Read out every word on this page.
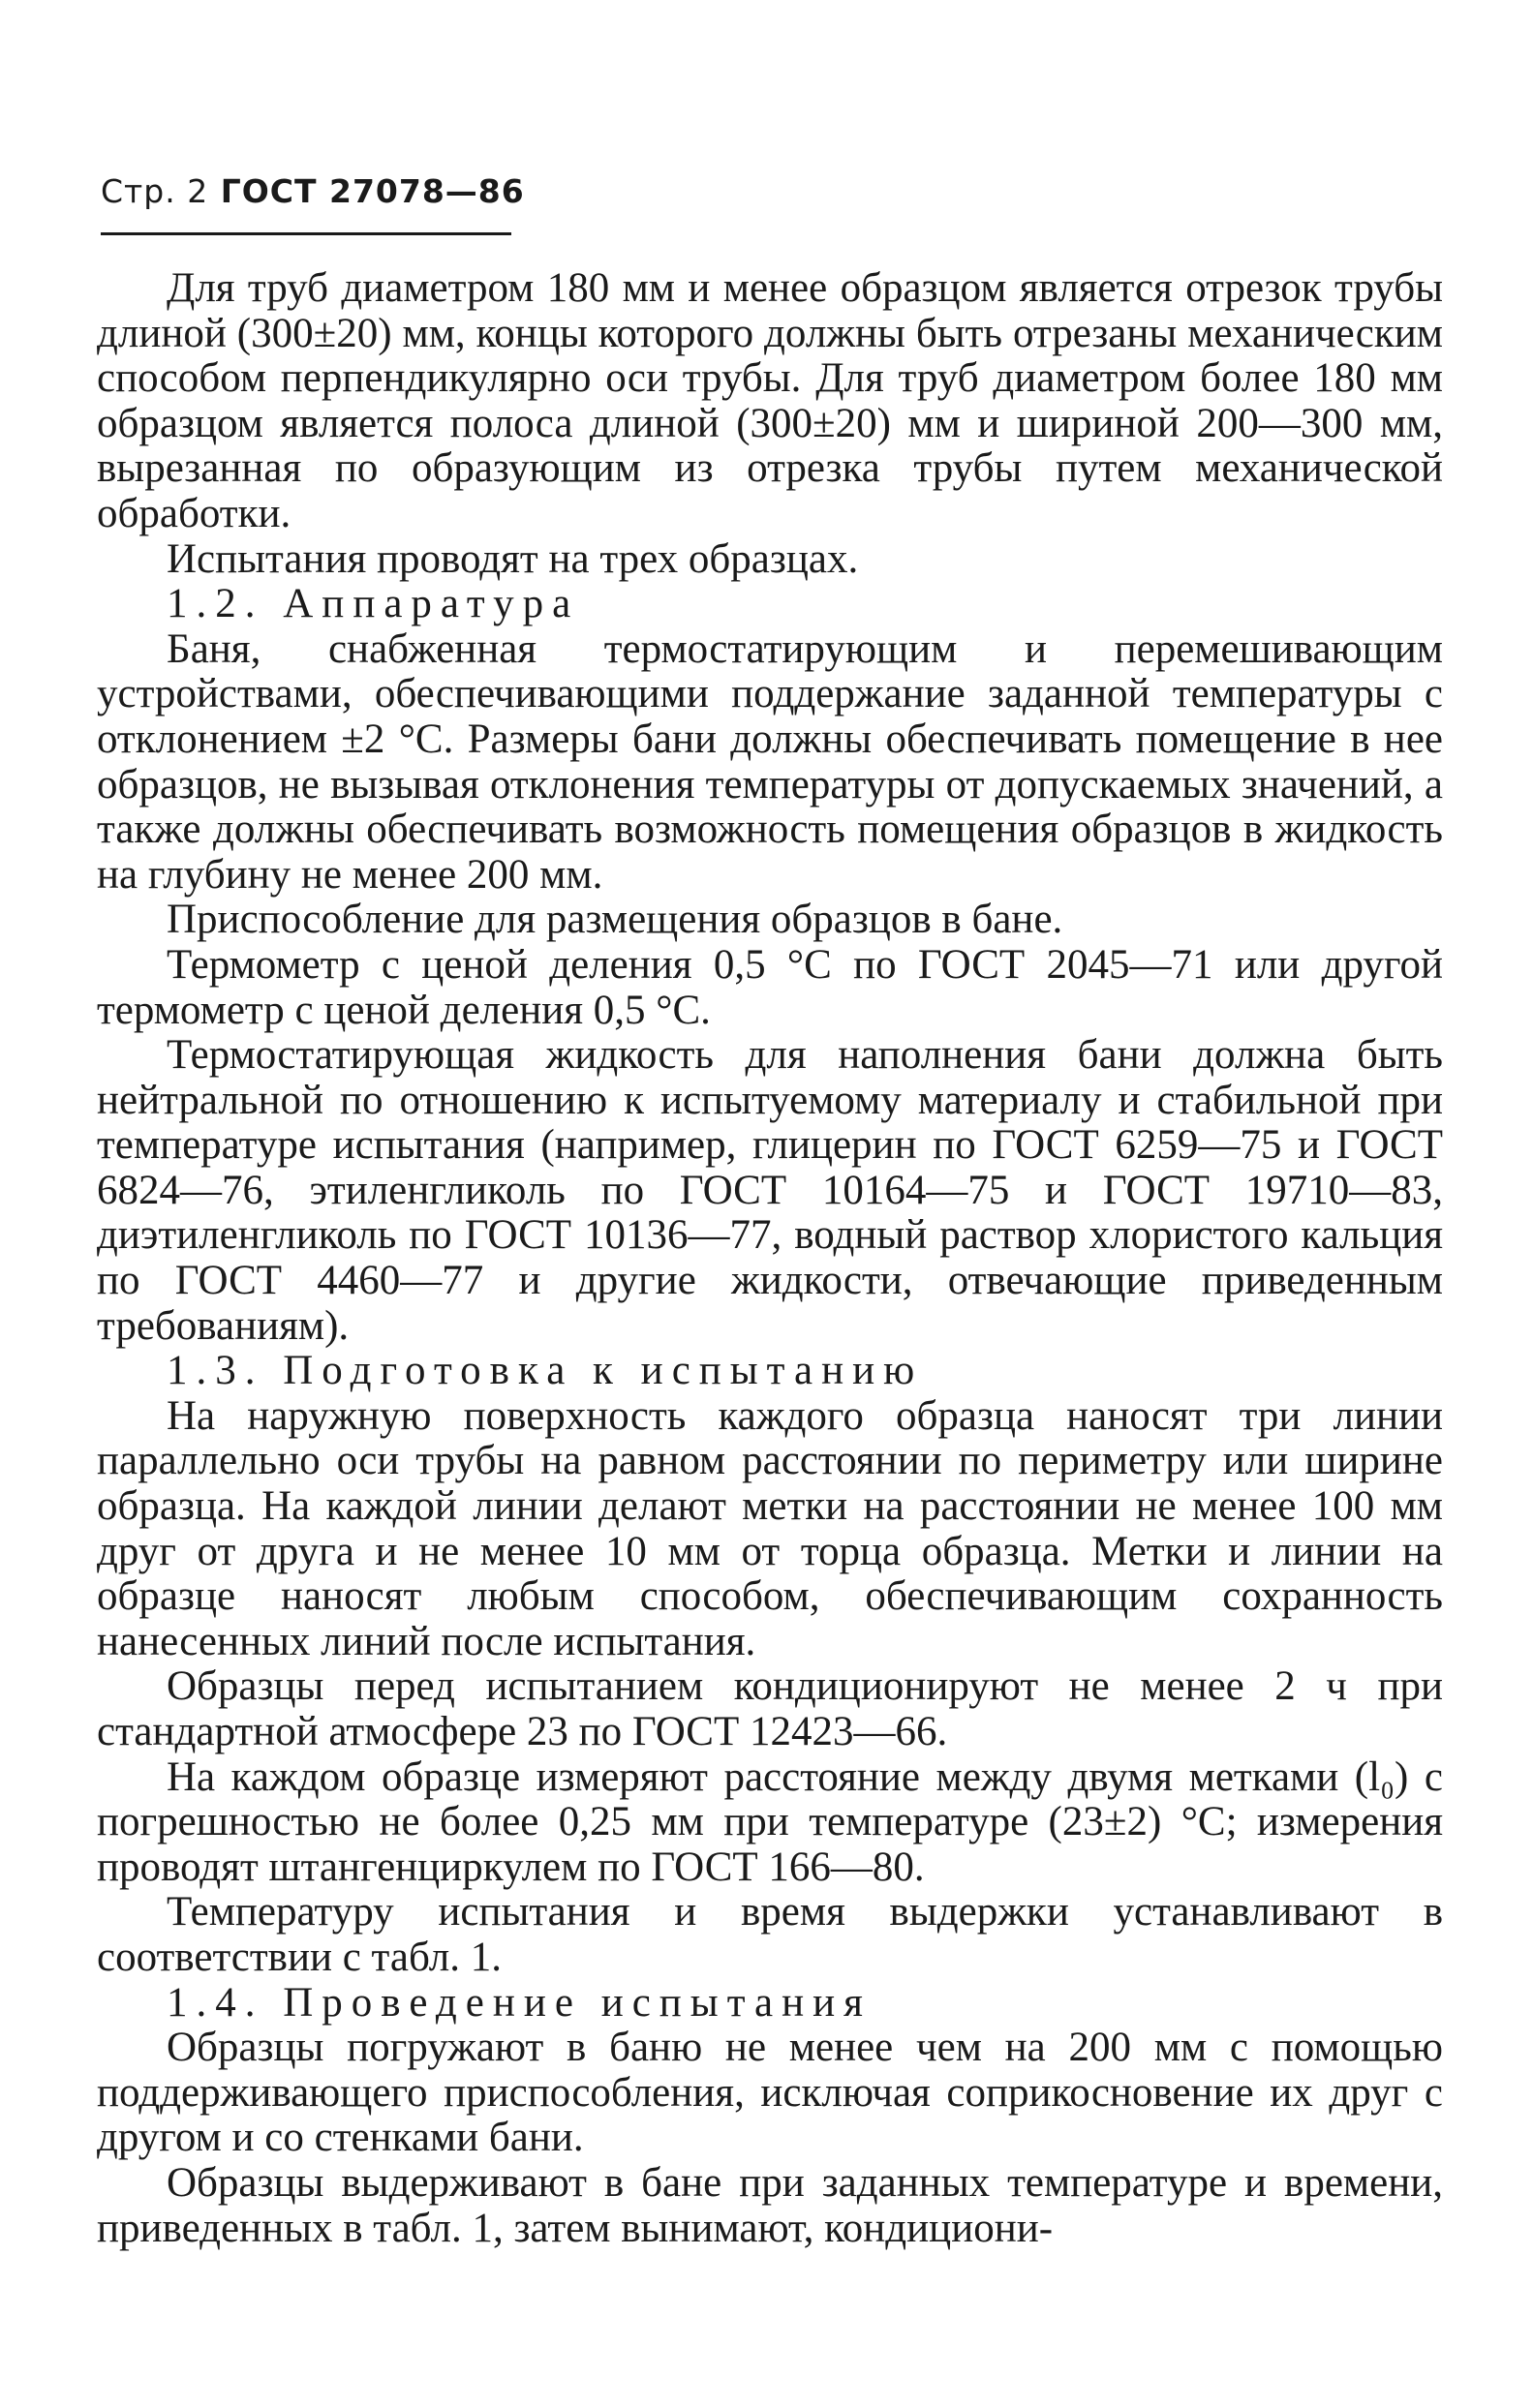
Стр. 2 ГОСТ 27078—86

Для труб диаметром 180 мм и менее образцом является отрезок трубы длиной (300±20) мм, концы которого должны быть отрезаны механическим способом перпендикулярно оси трубы. Для труб диаметром более 180 мм образцом является полоса длиной (300±20) мм и шириной 200—300 мм, вырезанная по образующим из отрезка трубы путем механической обработки.

Испытания проводят на трех образцах.

1.2. Аппаратура

Баня, снабженная термостатирующим и перемешивающим устройствами, обеспечивающими поддержание заданной температуры с отклонением ±2 °С. Размеры бани должны обеспечивать помещение в нее образцов, не вызывая отклонения температуры от допускаемых значений, а также должны обеспечивать возможность помещения образцов в жидкость на глубину не менее 200 мм.

Приспособление для размещения образцов в бане.

Термометр с ценой деления 0,5 °С по ГОСТ 2045—71 или другой термометр с ценой деления 0,5 °С.

Термостатирующая жидкость для наполнения бани должна быть нейтральной по отношению к испытуемому материалу и стабильной при температуре испытания (например, глицерин по ГОСТ 6259—75 и ГОСТ 6824—76, этиленгликоль по ГОСТ 10164—75 и ГОСТ 19710—83, диэтиленгликоль по ГОСТ 10136—77, водный раствор хлористого кальция по ГОСТ 4460—77 и другие жидкости, отвечающие приведенным требованиям).

1.3. Подготовка к испытанию

На наружную поверхность каждого образца наносят три линии параллельно оси трубы на равном расстоянии по периметру или ширине образца. На каждой линии делают метки на расстоянии не менее 100 мм друг от друга и не менее 10 мм от торца образца. Метки и линии на образце наносят любым способом, обеспечивающим сохранность нанесенных линий после испытания.

Образцы перед испытанием кондиционируют не менее 2 ч при стандартной атмосфере 23 по ГОСТ 12423—66.

На каждом образце измеряют расстояние между двумя метками (l₀) с погрешностью не более 0,25 мм при температуре (23±2) °С; измерения проводят штангенциркулем по ГОСТ 166—80.

Температуру испытания и время выдержки устанавливают в соответствии с табл. 1.

1.4. Проведение испытания

Образцы погружают в баню не менее чем на 200 мм с помощью поддерживающего приспособления, исключая соприкосновение их друг с другом и со стенками бани.

Образцы выдерживают в бане при заданных температуре и времени, приведенных в табл. 1, затем вынимают, кондициони-
